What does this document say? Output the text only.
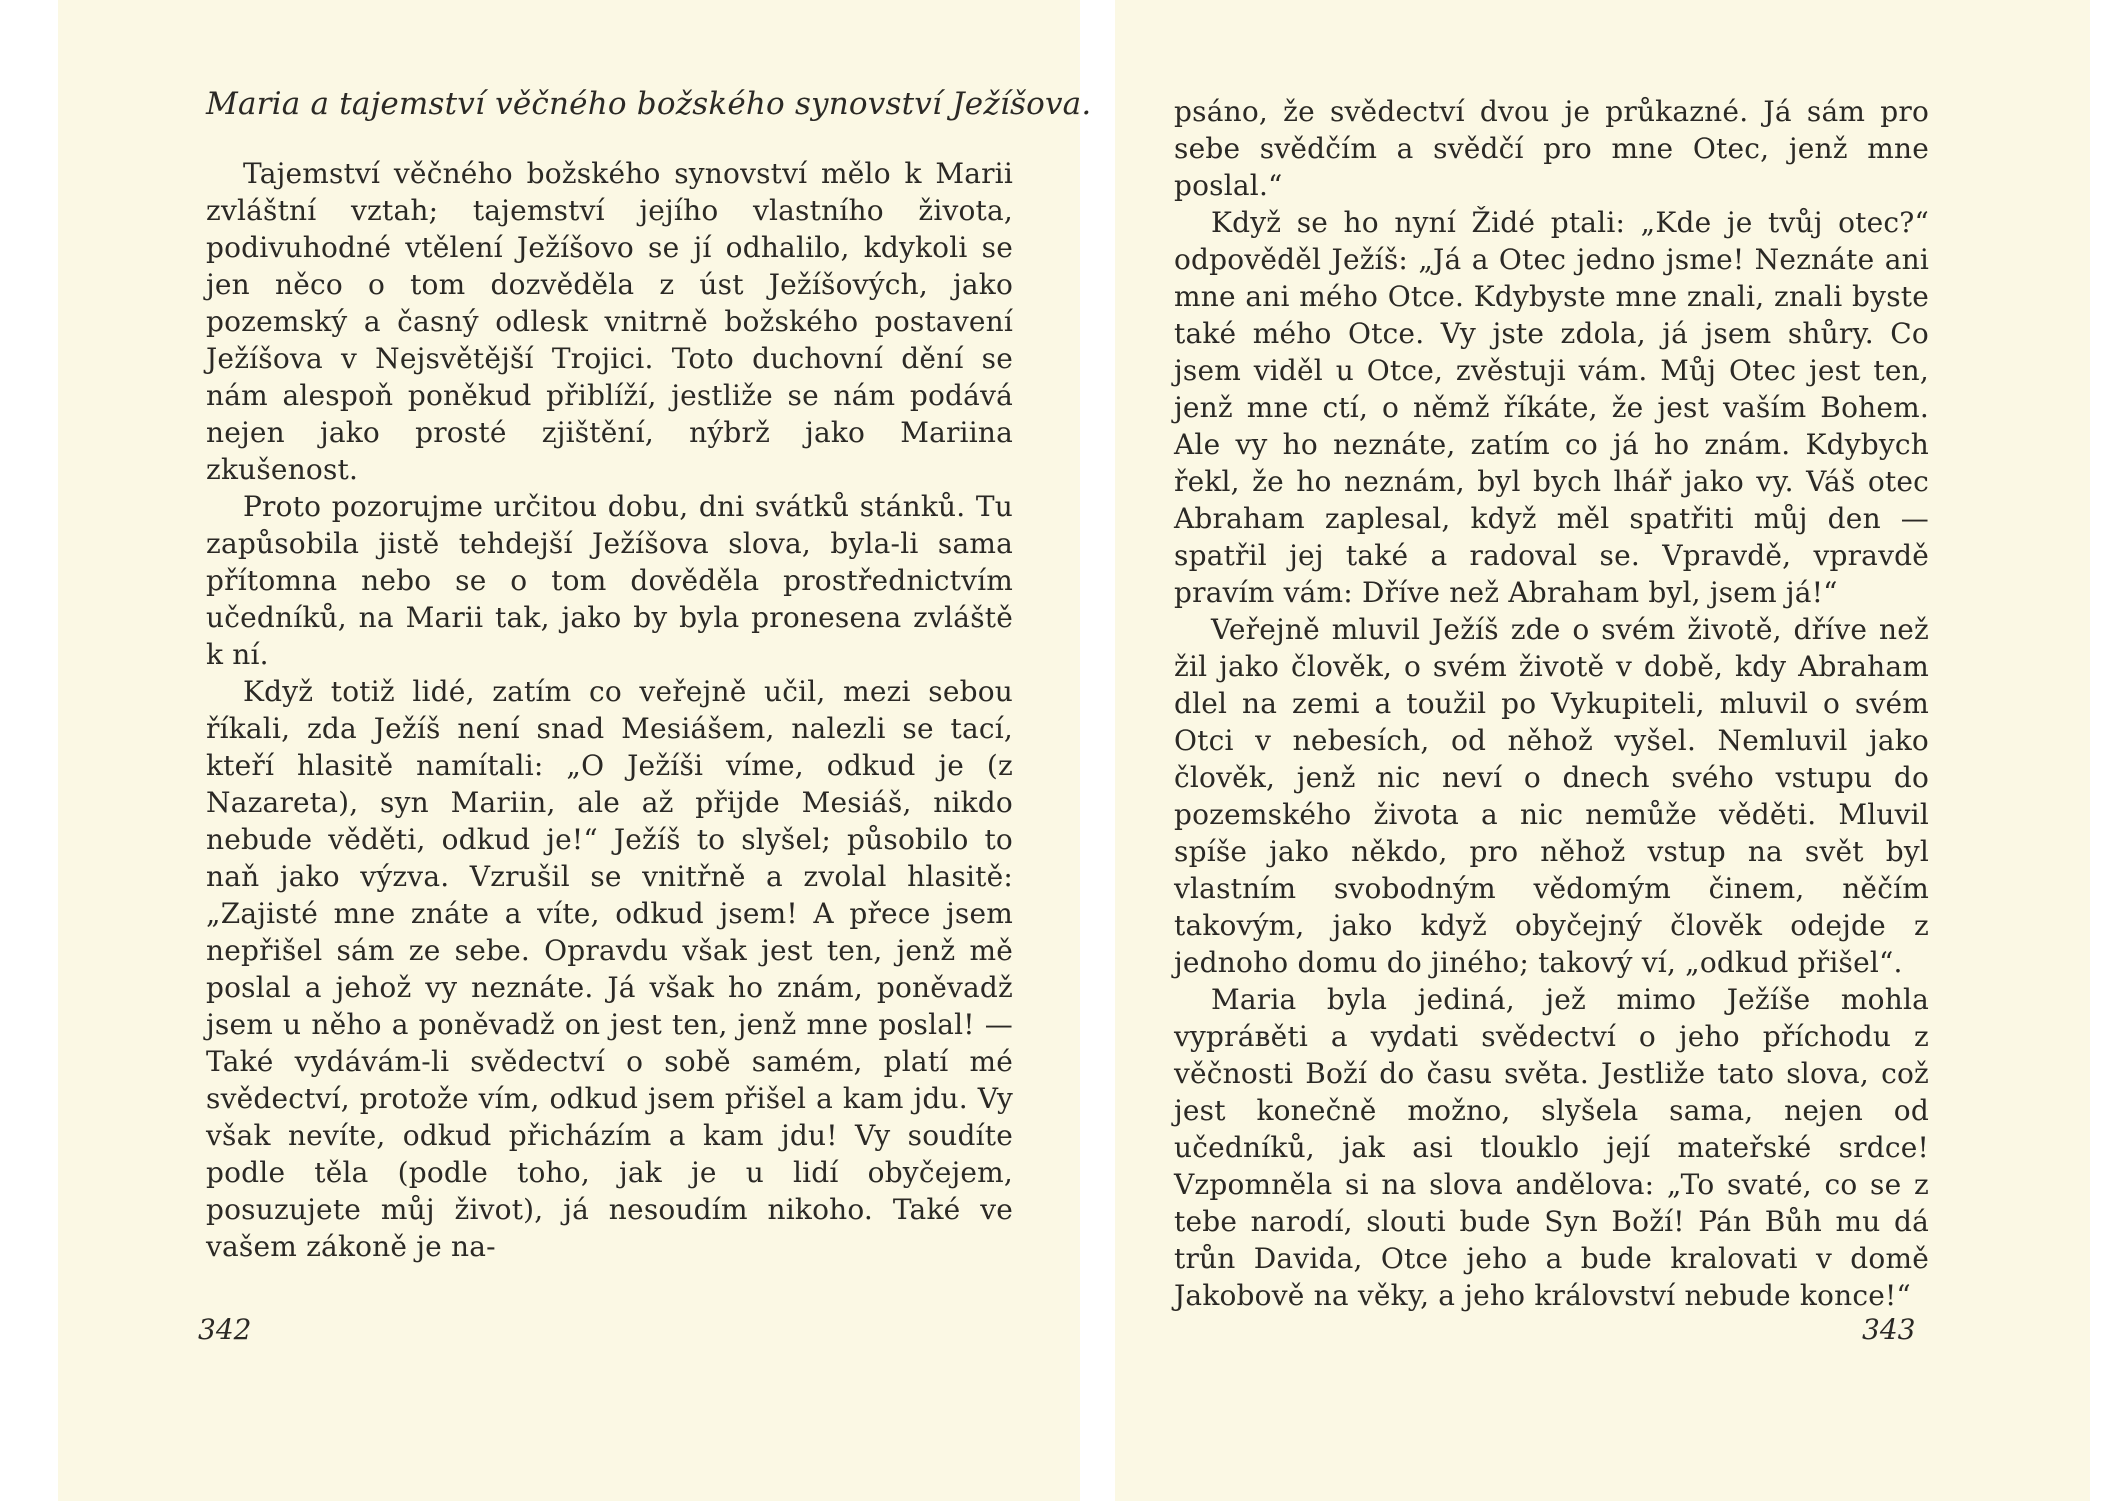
Maria a tajemství věčného božského synovství Ježíšova.

Tajemství věčného božského synovství mělo k Marii zvláštní vztah; tajemství jejího vlastního života, podivuhodné vtělení Ježíšovo se jí odhalilo, kdykoli se jen něco o tom dozvěděla z úst Ježíšových, jako pozemský a časný odlesk vnitrně božského postavení Ježíšova v Nejsvětější Trojici. Toto duchovní dění se nám alespoň poněkud přiblíží, jestliže se nám podává nejen jako prosté zjištění, nýbrž jako Mariina zkušenost.

Proto pozorujme určitou dobu, dni svátků stánků. Tu zapůsobila jistě tehdejší Ježíšova slova, byla-li sama přítomna nebo se o tom dověděla prostřednictvím učedníků, na Marii tak, jako by byla pronesena zvláště k ní.

Když totiž lidé, zatím co veřejně učil, mezi sebou říkali, zda Ježíš není snad Mesiášem, nalezli se tací, kteří hlasitě namítali: „O Ježíši víme, odkud je (z Nazareta), syn Mariin, ale až přijde Mesiáš, nikdo nebude vědětі, odkud je!“ Ježíš to slyšel; působilo to naň jako výzva. Vzrušil se vnitřně a zvolal hlasitě: „Zajisté mne znáte a víte, odkud jsem! A přece jsem nepřišel sám ze sebe. Opravdu však jest ten, jenž mě poslal a jehož vy neznáte. Já však ho znám, poněvadž jsem u něho a poněvadž on jest ten, jenž mne poslal! — Také vydávám-li svědectví o sobě samém, platí mé svědectví, protože vím, odkud jsem přišel a kam jdu. Vy však nevíte, odkud přicházím a kam jdu! Vy soudíte podle těla (podle toho, jak je u lidí obyčejem, posuzujete můj život), já nesoudím nikoho. Také ve vašem zákoně je na-

342

psáno, že svědectví dvou je průkazné. Já sám pro sebe svědčím a svědčí pro mne Otec, jenž mne poslal.“

Když se ho nyní Židé ptali: „Kde je tvůj otec?“ odpověděl Ježíš: „Já a Otec jedno jsme! Neznáte ani mne ani mého Otce. Kdybyste mne znali, znali byste také mého Otce. Vy jste zdola, já jsem shůry. Co jsem viděl u Otce, zvěstuji vám. Můj Otec jest ten, jenž mne ctí, o němž říkáte, že jest vaším Bohem. Ale vy ho neznáte, zatím co já ho znám. Kdybych řekl, že ho neznám, byl bych lhář jako vy. Váš otec Abraham zaplesal, když měl spatřiti můj den — spatřil jej také a radoval se. Vpravdě, vpravdě pravím vám: Dříve než Abraham byl, jsem já!“

Veřejně mluvil Ježíš zde o svém životě, dříve než žil jako člověk, o svém životě v době, kdy Abraham dlel na zemi a toužil po Vykupiteli, mluvil o svém Otci v nebesích, od něhož vyšel. Nemluvil jako člověk, jenž nic neví o dnech svého vstupu do pozemského života a nic nemůže věděti. Mluvil spíše jako někdo, pro něhož vstup na svět byl vlastním svobodným vědomým činem, něčím takovým, jako když obyčejný člověk odejde z jednoho domu do jiného; takový ví, „odkud přišel“.

Maria byla jediná, jež mimo Ježíše mohla vypráвěti a vydati svědectví o jeho příchodu z věčnosti Boží do času světa. Jestliže tato slova, což jest konečně možno, slyšela sama, nejen od učedníků, jak asi tlouklo její mateřské srdce! Vzpomněla si na slova andělova: „To svaté, co se z tebe narodí, slouti bude Syn Boží! Pán Bůh mu dá trůn Davida, Otce jeho a bude kralovati v domě Jakobově na věky, a jeho království nebude konce!“

343
